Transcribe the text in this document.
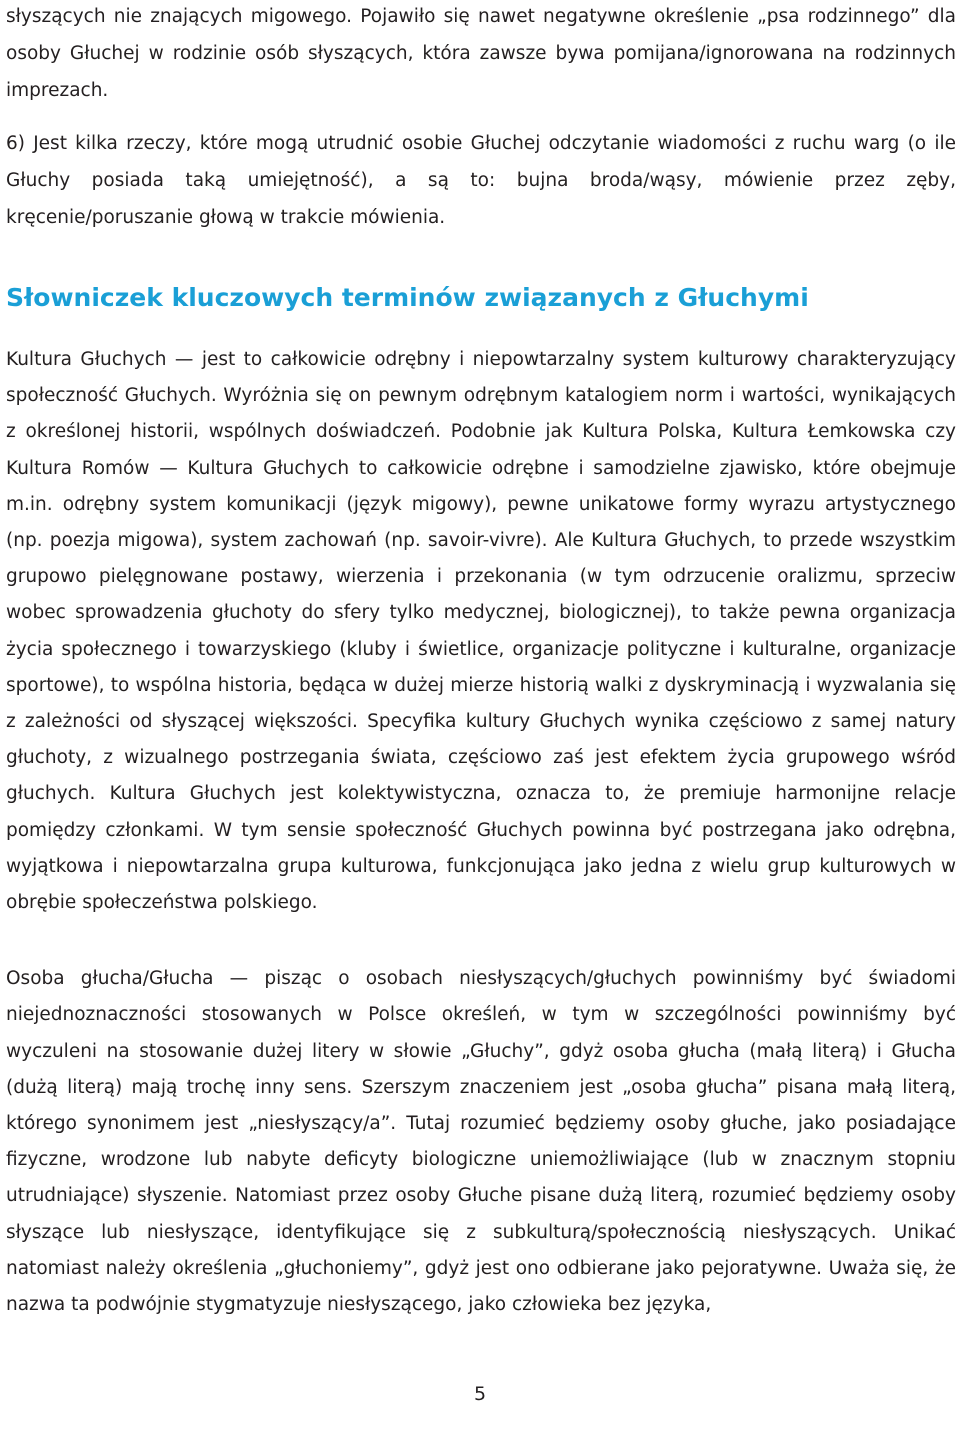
słyszących nie znających migowego. Pojawiło się nawet negatywne określenie „psa rodzinnego” dla osoby Głuchej w rodzinie osób słyszących, która zawsze bywa pomijana/ignorowana na rodzinnych imprezach.

6) Jest kilka rzeczy, które mogą utrudnić osobie Głuchej odczytanie wiadomości z ruchu warg (o ile Głuchy posiada taką umiejętność), a są to: bujna broda/wąsy, mówienie przez zęby, kręcenie/poruszanie głową w trakcie mówienia.

Słowniczek kluczowych terminów związanych z Głuchymi

Kultura Głuchych — jest to całkowicie odrębny i niepowtarzalny system kulturowy charakteryzujący społeczność Głuchych. Wyróżnia się on pewnym odrębnym katalogiem norm i wartości, wynikających z określonej historii, wspólnych doświadczeń. Podobnie jak Kultura Polska, Kultura Łemkowska czy Kultura Romów — Kultura Głuchych to całkowicie odrębne i samodzielne zjawisko, które obejmuje m.in. odrębny system komunikacji (język migowy), pewne unikatowe formy wyrazu artystycznego (np. poezja migowa), system zachowań (np. savoir-vivre). Ale Kultura Głuchych, to przede wszystkim grupowo pielęgnowane postawy, wierzenia i przekonania (w tym odrzucenie oralizmu, sprzeciw wobec sprowadzenia głuchoty do sfery tylko medycznej, biologicznej), to także pewna organizacja życia społecznego i towarzyskiego (kluby i świetlice, organizacje polityczne i kulturalne, organizacje sportowe), to wspólna historia, będąca w dużej mierze historią walki z dyskryminacją i wyzwalania się z zależności od słyszącej większości. Specyfika kultury Głuchych wynika częściowo z samej natury głuchoty, z wizualnego postrzegania świata, częściowo zaś jest efektem życia grupowego wśród głuchych. Kultura Głuchych jest kolektywistyczna, oznacza to, że premiuje harmonijne relacje pomiędzy członkami. W tym sensie społeczność Głuchych powinna być postrzegana jako odrębna, wyjątkowa i niepowtarzalna grupa kulturowa, funkcjonująca jako jedna z wielu grup kulturowych w obrębie społeczeństwa polskiego.

Osoba głucha/Głucha — pisząc o osobach niesłyszących/głuchych powinniśmy być świadomi niejednoznaczności stosowanych w Polsce określeń, w tym w szczególności powinniśmy być wyczuleni na stosowanie dużej litery w słowie „Głuchy”, gdyż osoba głucha (małą literą) i Głucha (dużą literą) mają trochę inny sens. Szerszym znaczeniem jest „osoba głucha” pisana małą literą, którego synonimem jest „niesłyszący/a”. Tutaj rozumieć będziemy osoby głuche, jako posiadające fizyczne, wrodzone lub nabyte deficyty biologiczne uniemożliwiające (lub w znacznym stopniu utrudniające) słyszenie. Natomiast przez osoby Głuche pisane dużą literą, rozumieć będziemy osoby słyszące lub niesłyszące, identyfikujące się z subkulturą/społecznością niesłyszących. Unikać natomiast należy określenia „głuchoniemy”, gdyż jest ono odbierane jako pejoratywne. Uważa się, że nazwa ta podwójnie stygmatyzuje niesłyszącego, jako człowieka bez języka,

5
